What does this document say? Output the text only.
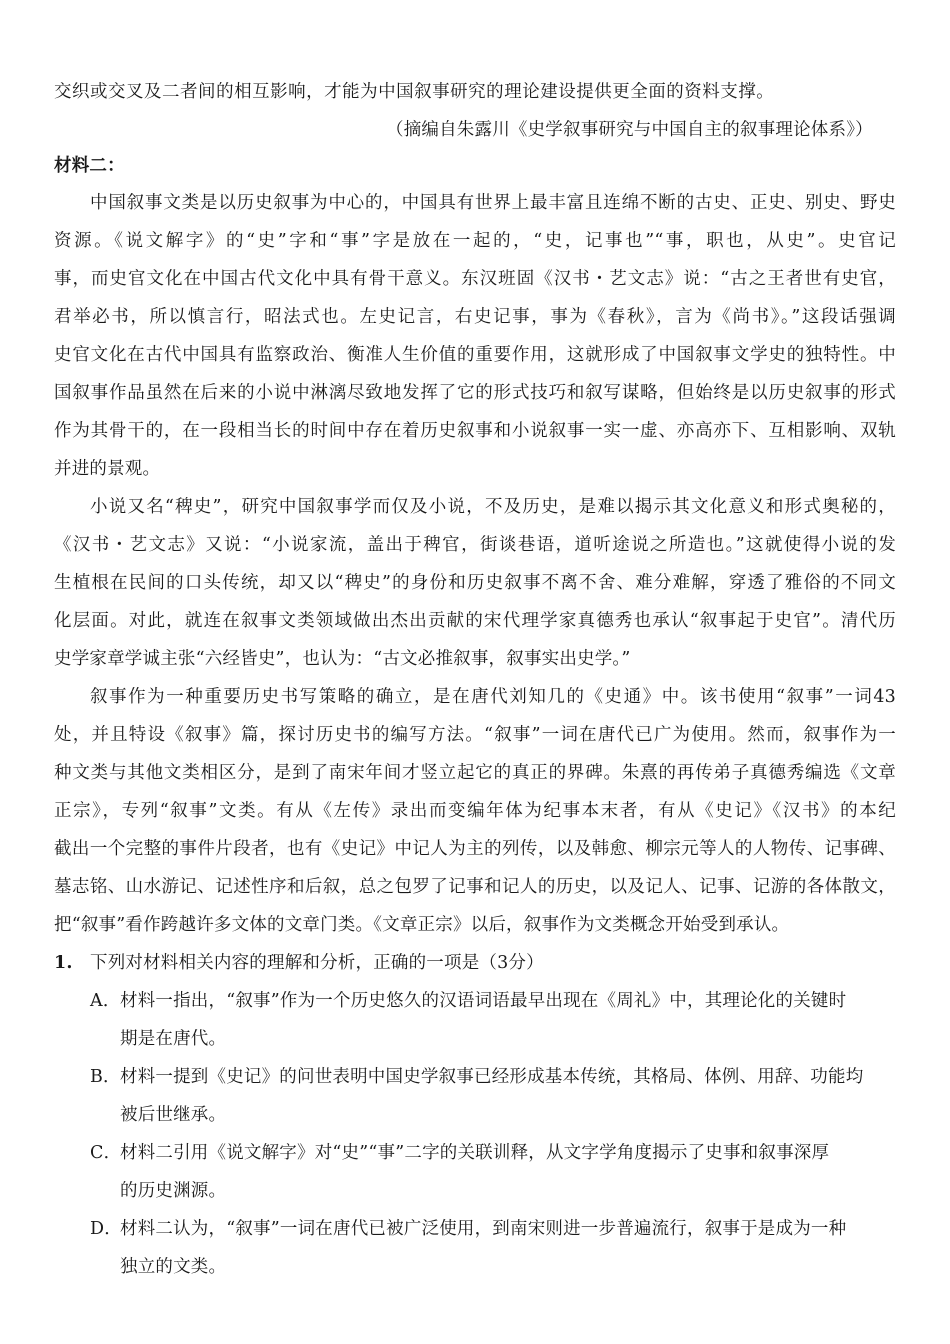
交织或交叉及二者间的相互影响，才能为中国叙事研究的理论建设提供更全面的资料支撑。
（摘编自朱露川《史学叙事研究与中国自主的叙事理论体系》）
材料二：
中国叙事文类是以历史叙事为中心的，中国具有世界上最丰富且连绵不断的古史、正史、别史、野史
资源。《说文解字》的“史”字和“事”字是放在一起的，“史，记事也”“事，职也，从史”。史官记
事，而史官文化在中国古代文化中具有骨干意义。东汉班固《汉书・艺文志》说：“古之王者世有史官，
君举必书，所以慎言行，昭法式也。左史记言，右史记事，事为《春秋》，言为《尚书》。”这段话强调
史官文化在古代中国具有监察政治、衡准人生价值的重要作用，这就形成了中国叙事文学史的独特性。中
国叙事作品虽然在后来的小说中淋漓尽致地发挥了它的形式技巧和叙写谋略，但始终是以历史叙事的形式
作为其骨干的，在一段相当长的时间中存在着历史叙事和小说叙事一实一虚、亦高亦下、互相影响、双轨
并进的景观。
小说又名“稗史”，研究中国叙事学而仅及小说，不及历史，是难以揭示其文化意义和形式奥秘的，
《汉书・艺文志》又说：“小说家流，盖出于稗官，街谈巷语，道听途说之所造也。”这就使得小说的发
生植根在民间的口头传统，却又以“稗史”的身份和历史叙事不离不舍、难分难解，穿透了雅俗的不同文
化层面。对此，就连在叙事文类领域做出杰出贡献的宋代理学家真德秀也承认“叙事起于史官”。清代历
史学家章学诚主张“六经皆史”，也认为：“古文必推叙事，叙事实出史学。”
叙事作为一种重要历史书写策略的确立，是在唐代刘知几的《史通》中。该书使用“叙事”一词43
处，并且特设《叙事》篇，探讨历史书的编写方法。“叙事”一词在唐代已广为使用。然而，叙事作为一
种文类与其他文类相区分，是到了南宋年间才竖立起它的真正的界碑。朱熹的再传弟子真德秀编选《文章
正宗》，专列“叙事”文类。有从《左传》录出而变编年体为纪事本末者，有从《史记》《汉书》的本纪
截出一个完整的事件片段者，也有《史记》中记人为主的列传，以及韩愈、柳宗元等人的人物传、记事碑、
墓志铭、山水游记、记述性序和后叙，总之包罗了记事和记人的历史，以及记人、记事、记游的各体散文，
把“叙事”看作跨越许多文体的文章门类。《文章正宗》以后，叙事作为文类概念开始受到承认。
1. 下列对材料相关内容的理解和分析，正确的一项是（3分）
A．材料一指出，“叙事”作为一个历史悠久的汉语词语最早出现在《周礼》中，其理论化的关键时
期是在唐代。
B．材料一提到《史记》的问世表明中国史学叙事已经形成基本传统，其格局、体例、用辞、功能均
被后世继承。
C．材料二引用《说文解字》对“史”“事”二字的关联训释，从文字学角度揭示了史事和叙事深厚
的历史渊源。
D．材料二认为，“叙事”一词在唐代已被广泛使用，到南宋则进一步普遍流行，叙事于是成为一种
独立的文类。
